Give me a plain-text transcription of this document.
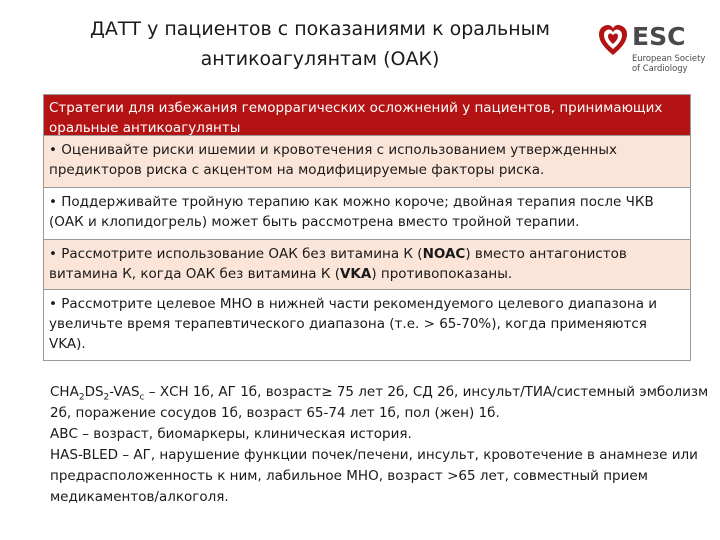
ДАТТ у пациентов с показаниями к оральным
антикоагулянтам (ОАК)
ESC
European Society
of Cardiology
Стратегии для избежания геморрагических осложнений у пациентов, принимающих оральные антикоагулянты
• Оценивайте риски ишемии и кровотечения с использованием утвержденных предикторов риска с акцентом на модифицируемые факторы риска.
• Поддерживайте тройную терапию как можно короче; двойная терапия после ЧКВ (ОАК и клопидогрель) может быть рассмотрена вместо тройной терапии.
• Рассмотрите использование ОАК без витамина К (NOAC) вместо антагонистов витамина К, когда ОАК без витамина К (VKA) противопоказаны.
• Рассмотрите целевое МНО в нижней части рекомендуемого целевого диапазона и увеличьте время терапевтического диапазона (т.е. > 65-70%), когда применяются VKA).

$CHA_2DS_2-VAS_c$ – ХСН 1б, АГ 1б, возраст≥ 75 лет 2б, СД 2б, инсульт/ТИА/системный эмболизм 2б, поражение сосудов 1б, возраст 65-74 лет 1б, пол (жен) 1б.

АВС – возраст, биомаркеры, клиническая история.

HAS-BLED – АГ, нарушение функции почек/печени, инсульт, кровотечение в анамнезе или предрасположенность к ним, лабильное МНО, возраст >65 лет, совместный прием медикаментов/алкоголя.
